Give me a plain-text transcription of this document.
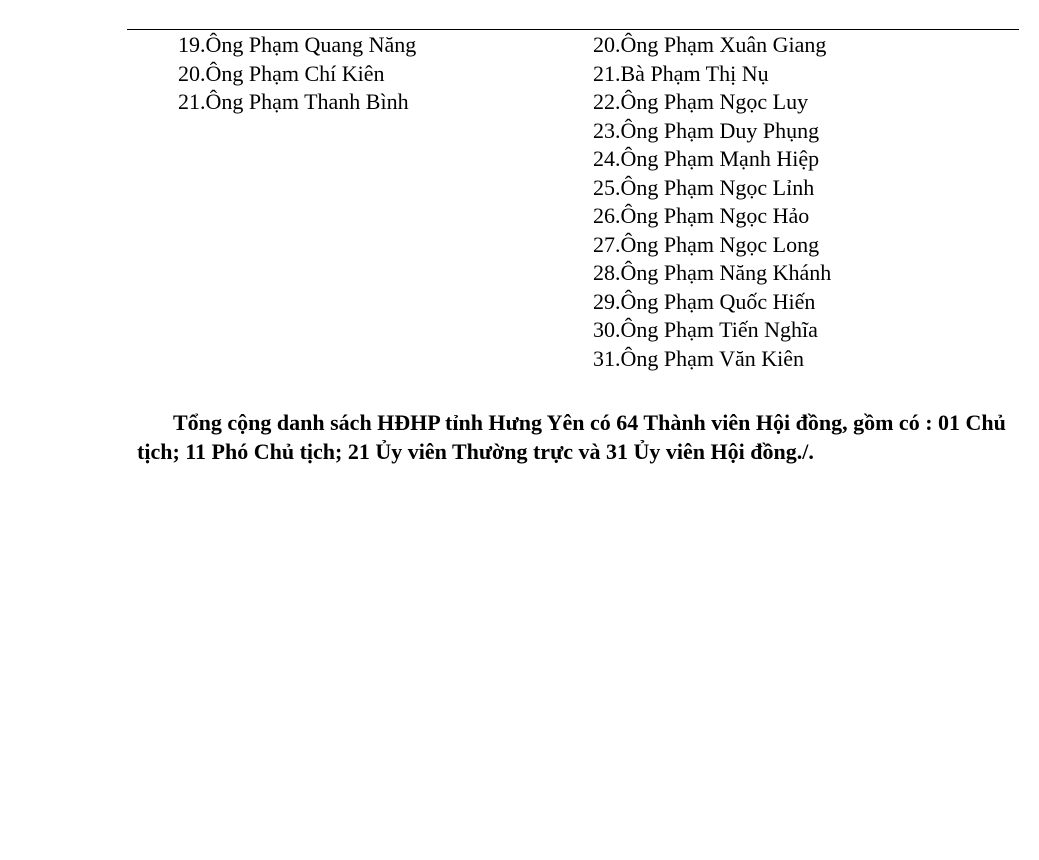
19.Ông Phạm Quang Năng
20.Ông Phạm Chí Kiên
21.Ông Phạm Thanh Bình
20.Ông Phạm Xuân Giang
21.Bà Phạm Thị Nụ
22.Ông Phạm Ngọc Luy
23.Ông Phạm Duy Phụng
24.Ông Phạm Mạnh Hiệp
25.Ông Phạm Ngọc Lỉnh
26.Ông Phạm Ngọc Hảo
27.Ông Phạm Ngọc Long
28.Ông Phạm Năng Khánh
29.Ông Phạm Quốc Hiến
30.Ông Phạm Tiến Nghĩa
31.Ông Phạm Văn Kiên

Tổng cộng danh sách HĐHP tỉnh Hưng Yên có 64 Thành viên Hội đồng, gồm có : 01 Chủ tịch; 11 Phó Chủ tịch; 21 Ủy viên Thường trực và 31 Ủy viên Hội đồng./.
